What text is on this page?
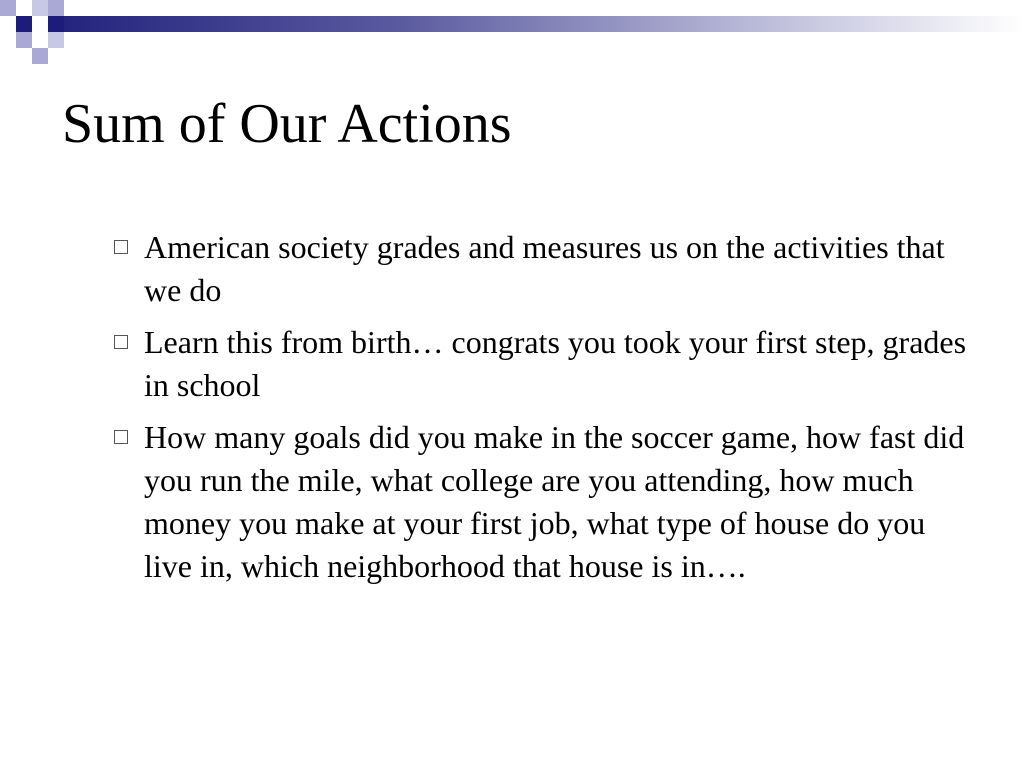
Sum of Our Actions
American society grades and measures us on the activities that we do
Learn this from birth… congrats you took your first step, grades in school
How many goals did you make in the soccer game, how fast did you run the mile, what college are you attending, how much money you make at your first job, what type of house do you live in, which neighborhood that house is in….
